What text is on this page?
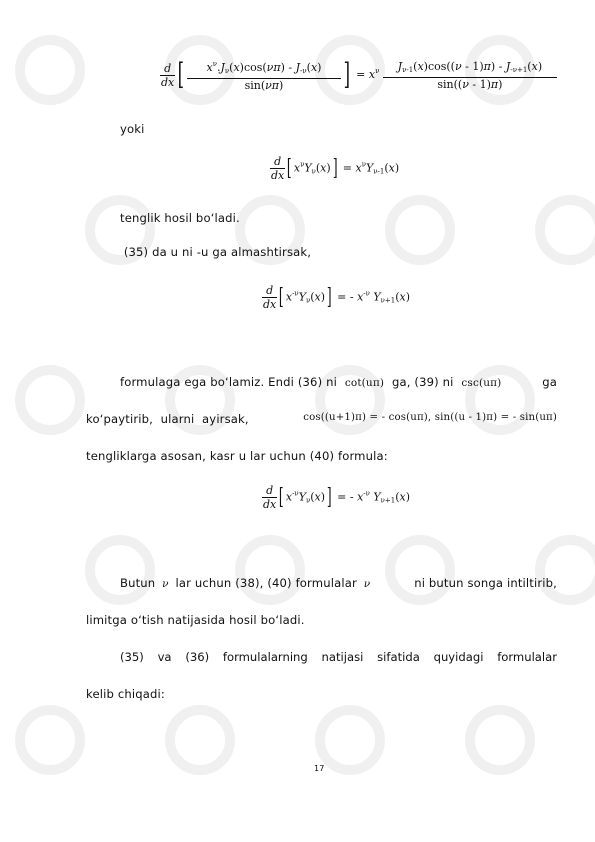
$\frac{d}{dx}$ [ $\frac{x^\nu.J_\nu(x)\cos(\nu\pi) - J_{-\nu}(x)}{\sin(\nu\pi)}$ ] = $x^\nu \frac{J_{\nu-1}(x)\cos((\nu - 1)\pi) - J_{-\nu+1}(x)}{\sin((\nu - 1)\pi)}$
yoki
$\frac{d}{dx}$ [ $x^\nu Y_\nu(x)] = x^\nu Y_{\nu-1}(x)$
tenglik hosil bo‘ladi.
(35) da u ni -u ga almashtirsak,
$\frac{d}{dx}$ [ $x^{-\nu}Y_\nu(x)$] = - $x^{-\nu}$ $Y_{\nu+1}(x)$
formulaga ega bo‘lamiz. Endi (36) ni cot(uπ) ga, (39) ni csc(uπ)	ga
ko‘paytirib,  ularni  ayirsak,	cos((u+1)π) = - cos(uπ), sin((u - 1)π) = - sin(uπ)
tengliklarga asosan, kasr u lar uchun (40) formula:
$\frac{d}{dx}$ [ $x^{-\nu}Y_\nu(x)$] = - $x^{-\nu}$ $Y_{\nu+1}(x)$
Butun ν lar uchun (38), (40) formulalar ν	ni butun songa intiltirib,
limitga o‘tish natijasida hosil bo‘ladi.
(35)  va  (36)  formulalarning  natijasi  sifatida  quyidagi  formulalar
kelib chiqadi:
17
